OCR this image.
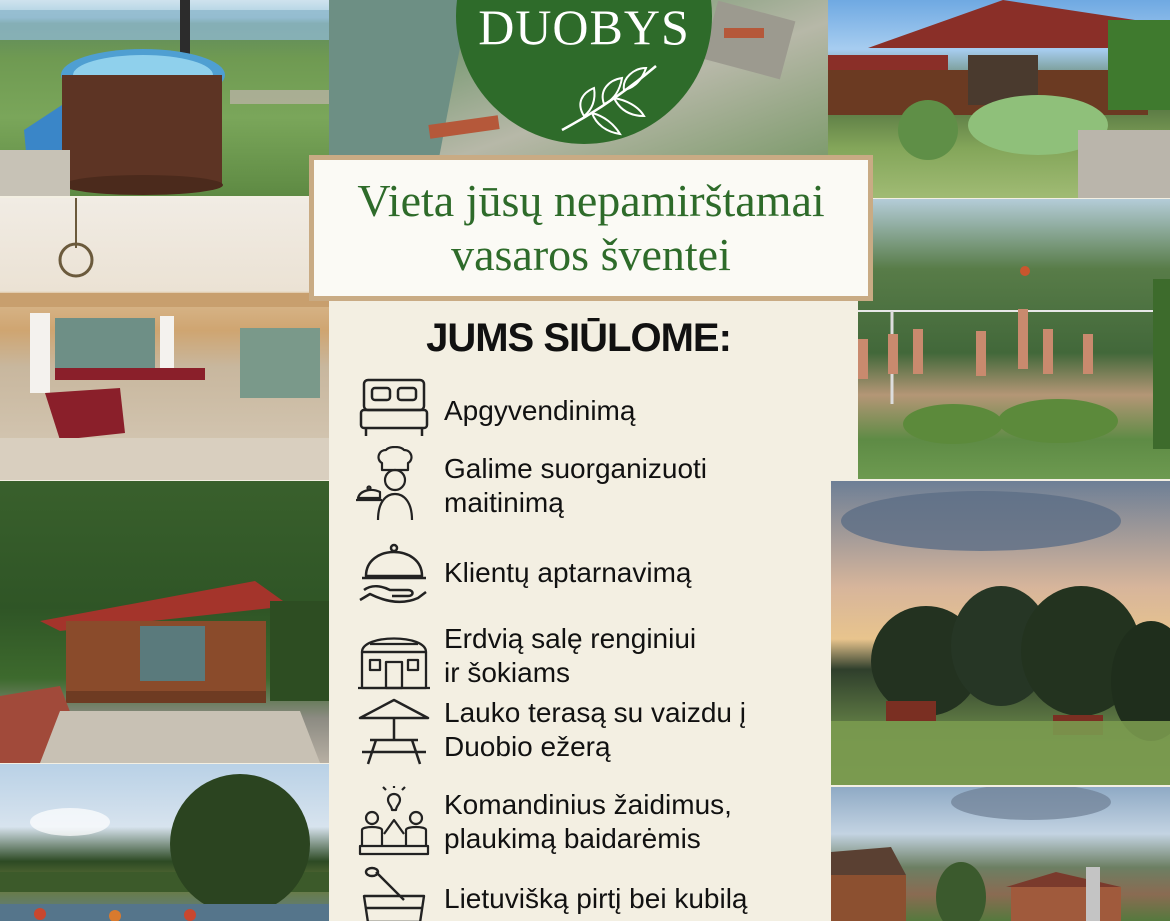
DUOBYS
Vieta jūsų nepamirštamai
vasaros šventei
JUMS SIŪLOME:
Apgyvendinimą
Galime suorganizuoti
maitinimą
Klientų aptarnavimą
Erdvią salę renginiui
ir šokiams
Lauko terasą su vaizdu į
Duobio ežerą
Komandinius žaidimus,
plaukimą baidarėmis
Lietuvišką pirtį bei kubilą
